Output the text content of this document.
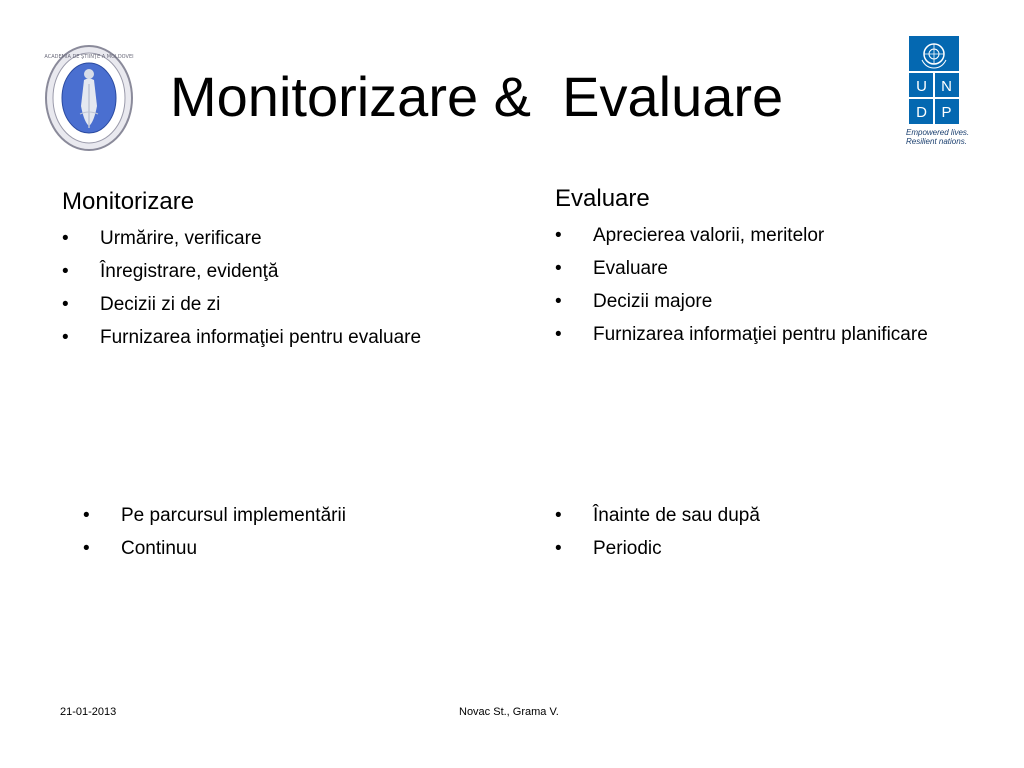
ACADEMIA DE ŞTIINŢE A MOLDOVEI
Monitorizare &  Evaluare	U N
D P
Empowered lives.
Resilient nations.
Monitorizare
• Urmărire, verificare
• Înregistrare, evidenţă
• Decizii zi de zi
• Furnizarea informaţiei pentru evaluare
Evaluare
• Aprecierea valorii, meritelor
• Evaluare
• Decizii majore
• Furnizarea informaţiei pentru planificare
• Pe parcursul implementării
• Continuu
• Înainte de sau după
• Periodic
21-01-2013	Novac St., Grama V.
